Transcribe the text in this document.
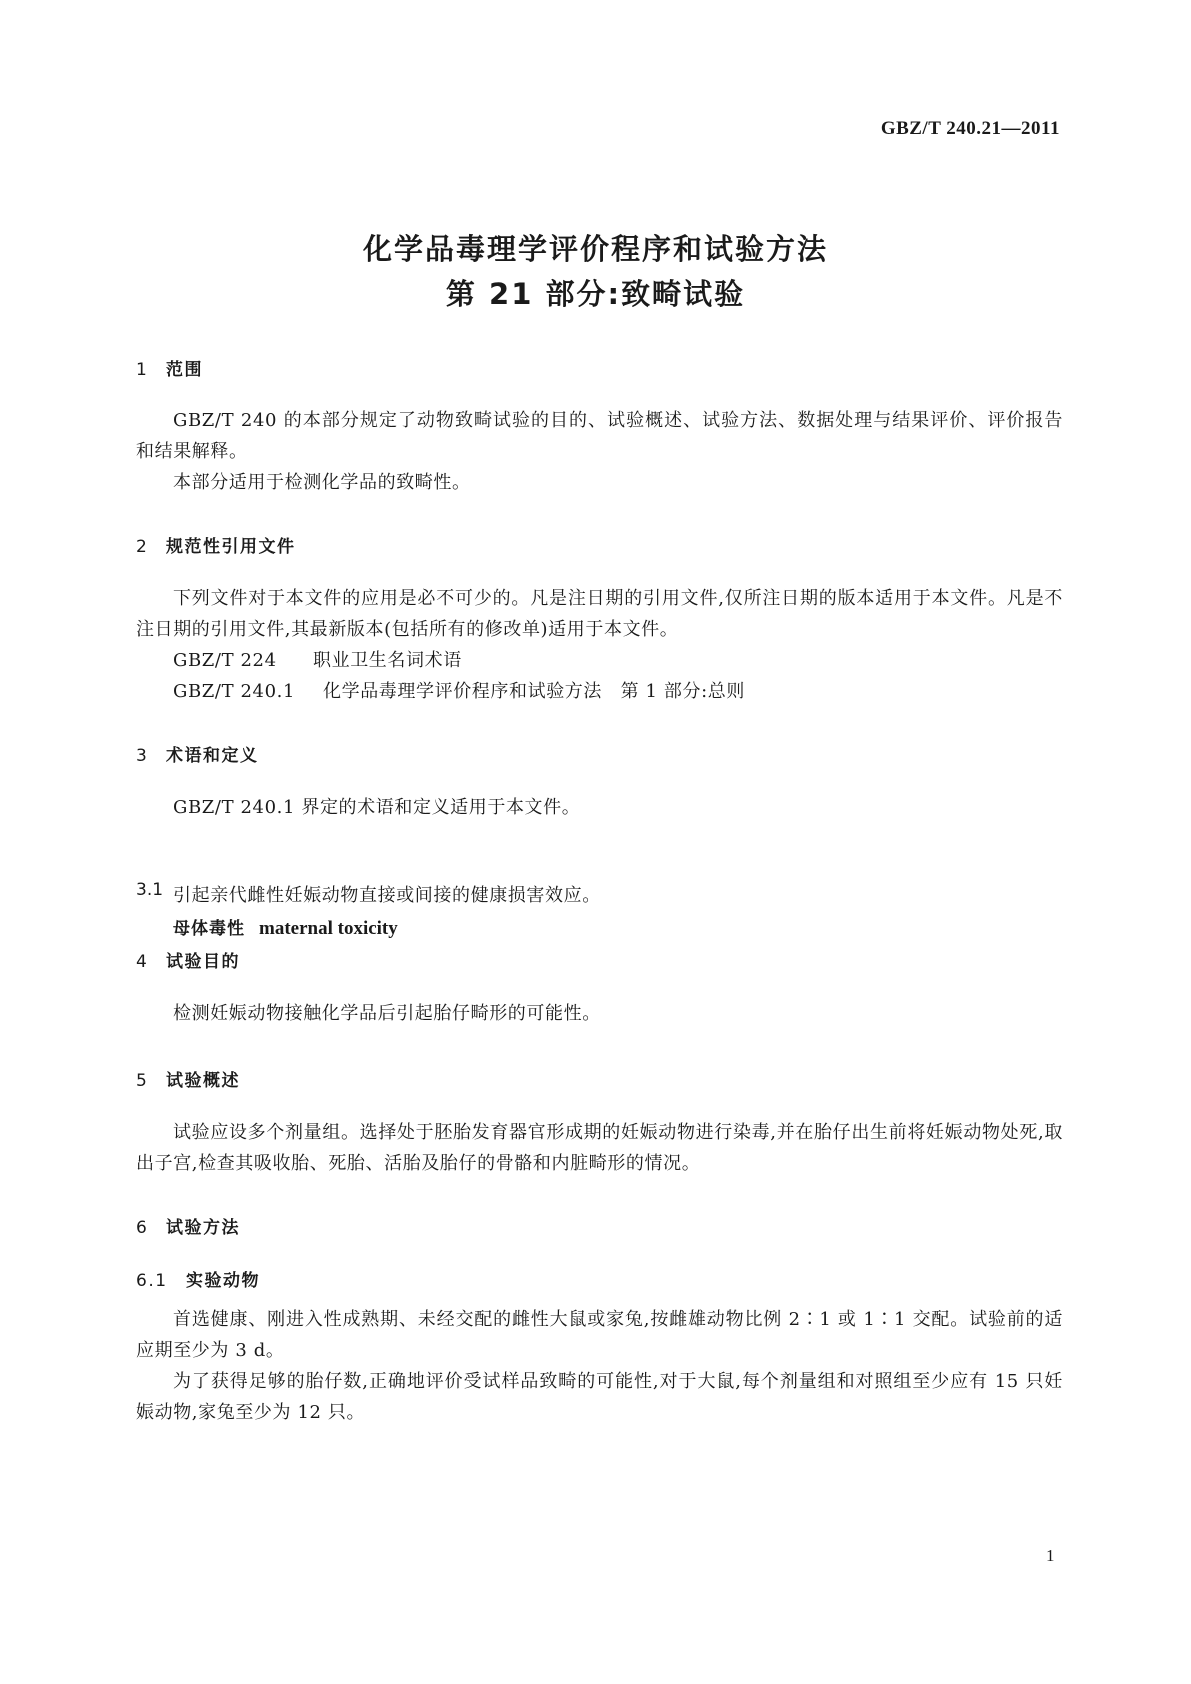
GBZ/T 240.21—2011
化学品毒理学评价程序和试验方法
第 21 部分:致畸试验
1 范围
GBZ/T 240 的本部分规定了动物致畸试验的目的、试验概述、试验方法、数据处理与结果评价、评价报告和结果解释。
本部分适用于检测化学品的致畸性。
2 规范性引用文件
下列文件对于本文件的应用是必不可少的。凡是注日期的引用文件,仅所注日期的版本适用于本文件。凡是不注日期的引用文件,其最新版本(包括所有的修改单)适用于本文件。
GBZ/T 224 职业卫生名词术语
GBZ/T 240.1 化学品毒理学评价程序和试验方法　第 1 部分:总则
3 术语和定义
GBZ/T 240.1 界定的术语和定义适用于本文件。
3.1
母体毒性 maternal toxicity
引起亲代雌性妊娠动物直接或间接的健康损害效应。
4 试验目的
检测妊娠动物接触化学品后引起胎仔畸形的可能性。
5 试验概述
试验应设多个剂量组。选择处于胚胎发育器官形成期的妊娠动物进行染毒,并在胎仔出生前将妊娠动物处死,取出子宫,检查其吸收胎、死胎、活胎及胎仔的骨骼和内脏畸形的情况。
6 试验方法
6.1 实验动物
首选健康、刚进入性成熟期、未经交配的雌性大鼠或家兔,按雌雄动物比例 2∶1 或 1∶1 交配。试验前的适应期至少为 3 d。
为了获得足够的胎仔数,正确地评价受试样品致畸的可能性,对于大鼠,每个剂量组和对照组至少应有 15 只妊娠动物,家兔至少为 12 只。
1
